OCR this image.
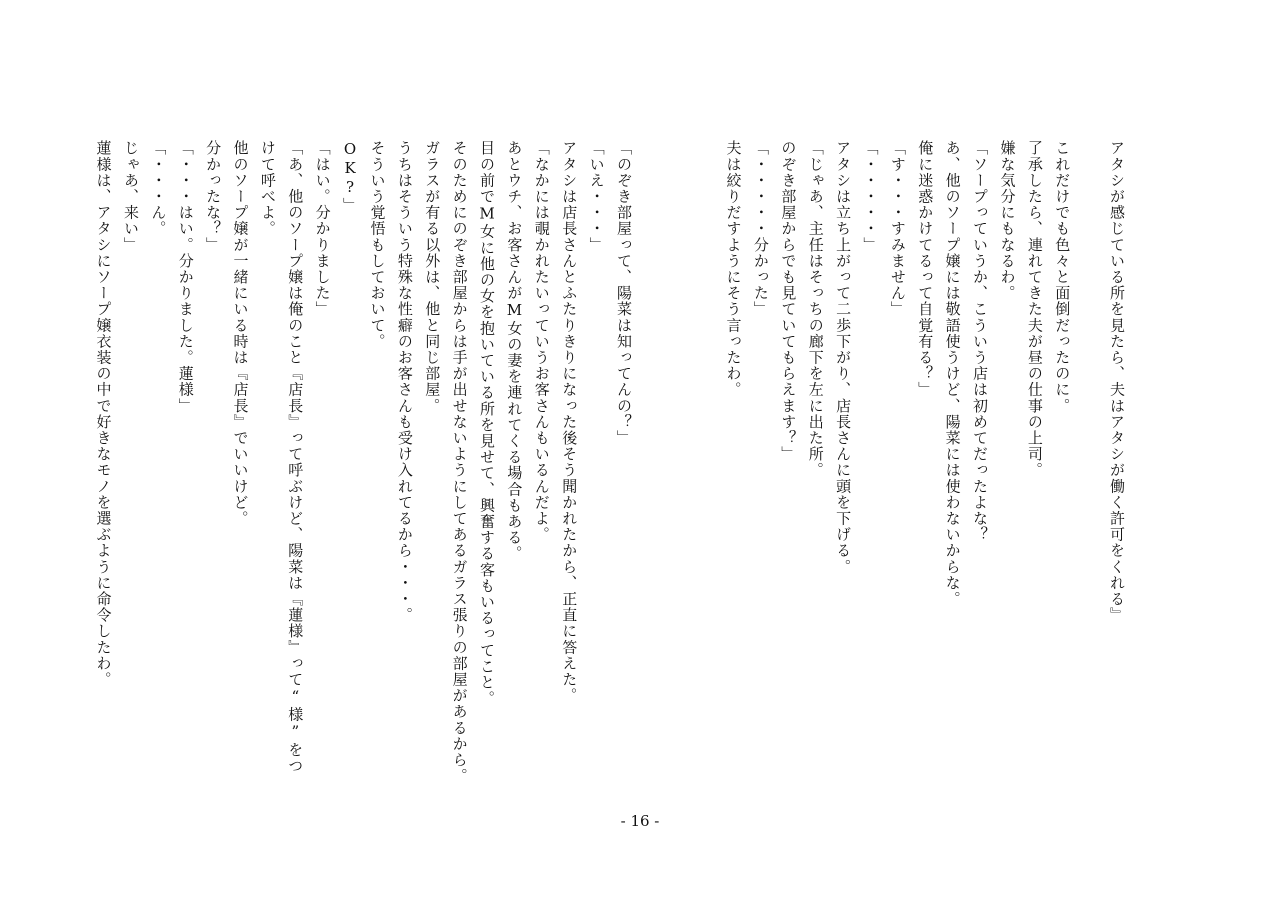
アタシが感じている所を見たら、夫はアタシが働く許可をくれる』
これだけでも色々と面倒だったのに。
了承したら、連れてきた夫が昼の仕事の上司。
嫌な気分にもなるわ。
「ソープっていうか、こういう店は初めてだったよな？
あ、他のソープ嬢には敬語使うけど、陽菜には使わないからな。
俺に迷惑かけてるって自覚有る？」
「す・・・すみません」
「・・・・・」
アタシは立ち上がって二歩下がり、店長さんに頭を下げる。
「じゃあ、主任はそっちの廊下を左に出た所。
のぞき部屋からでも見ていてもらえます？」
「・・・・・分かった」
夫は絞りだすようにそう言ったわ。
「のぞき部屋って、陽菜は知ってんの？」
「いえ・・・」
アタシは店長さんとふたりきりになった後そう聞かれたから、正直に答えた。
「なかには覗かれたいっていうお客さんもいるんだよ。
あとウチ、お客さんがM女の妻を連れてくる場合もある。
目の前でM女に他の女を抱いている所を見せて、興奮する客もいるってこと。
そのためにのぞき部屋からは手が出せないようにしてあるガラス張りの部屋があるから。
ガラスが有る以外は、他と同じ部屋。
うちはそういう特殊な性癖のお客さんも受け入れてるから・・・。
そういう覚悟もしておいて。
OK?」
「はい。分かりました」
「あ、他のソープ嬢は俺のこと『店長』って呼ぶけど、陽菜は『蓮様』って“様”をつ
けて呼べよ。
他のソープ嬢が一緒にいる時は『店長』でいいけど。
分かったな？」
「・・・はい。分かりました。蓮様」
「・・・ん。
じゃあ、来い」
蓮様は、アタシにソープ嬢衣装の中で好きなモノを選ぶように命令したわ。
- 16 -
